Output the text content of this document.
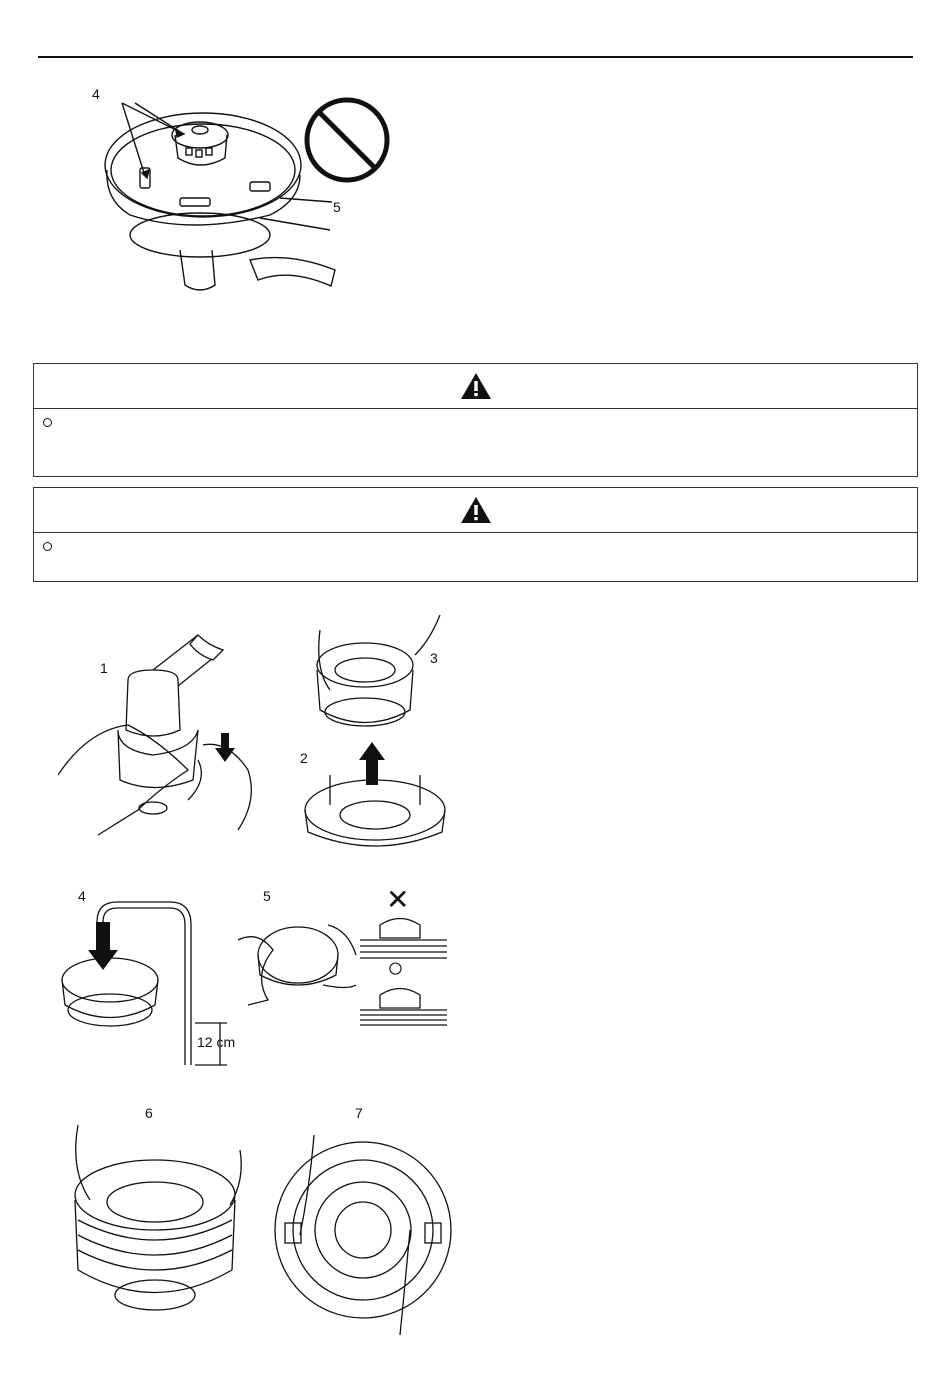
4
5
1
2
3
4	5
6	7
12 cm
✕
○
